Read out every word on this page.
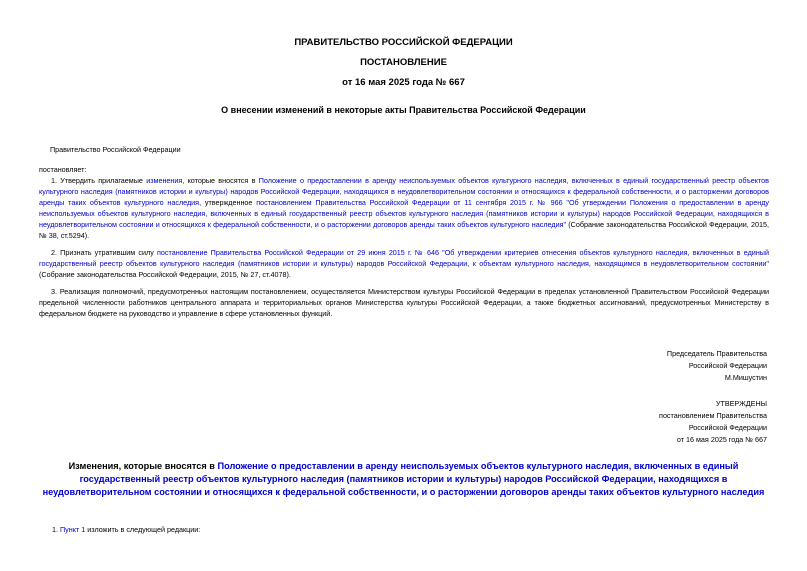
ПРАВИТЕЛЬСТВО РОССИЙСКОЙ ФЕДЕРАЦИИ
ПОСТАНОВЛЕНИЕ
от 16 мая 2025 года № 667
О внесении изменений в некоторые акты Правительства Российской Федерации
Правительство Российской Федерации
постановляет:
1. Утвердить прилагаемые изменения, которые вносятся в Положение о предоставлении в аренду неиспользуемых объектов культурного наследия, включенных в единый государственный реестр объектов культурного наследия (памятников истории и культуры) народов Российской Федерации, находящихся в неудовлетворительном состоянии и относящихся к федеральной собственности, и о расторжении договоров аренды таких объектов культурного наследия, утвержденное постановлением Правительства Российской Федерации от 11 сентября 2015 г. № 966 "Об утверждении Положения о предоставлении в аренду неиспользуемых объектов культурного наследия, включенных в единый государственный реестр объектов культурного наследия (памятников истории и культуры) народов Российской Федерации, находящихся в неудовлетворительном состоянии и относящихся к федеральной собственности, и о расторжении договоров аренды таких объектов культурного наследия" (Собрание законодательства Российской Федерации, 2015, № 38, ст.5294).
2. Признать утратившим силу постановление Правительства Российской Федерации от 29 июня 2015 г. № 646 "Об утверждении критериев отнесения объектов культурного наследия, включенных в единый государственный реестр объектов культурного наследия (памятников истории и культуры) народов Российской Федерации, к объектам культурного наследия, находящимся в неудовлетворительном состоянии" (Собрание законодательства Российской Федерации, 2015, № 27, ст.4078).
3. Реализация полномочий, предусмотренных настоящим постановлением, осуществляется Министерством культуры Российской Федерации в пределах установленной Правительством Российской Федерации предельной численности работников центрального аппарата и территориальных органов Министерства культуры Российской Федерации, а также бюджетных ассигнований, предусмотренных Министерству в федеральном бюджете на руководство и управление в сфере установленных функций.
Председатель Правительства
Российской Федерации
М.Мишустин
УТВЕРЖДЕНЫ
постановлением Правительства
Российской Федерации
от 16 мая 2025 года № 667
Изменения, которые вносятся в Положение о предоставлении в аренду неиспользуемых объектов культурного наследия, включенных в единый государственный реестр объектов культурного наследия (памятников истории и культуры) народов Российской Федерации, находящихся в неудовлетворительном состоянии и относящихся к федеральной собственности, и о расторжении договоров аренды таких объектов культурного наследия
1. Пункт 1 изложить в следующей редакции:
